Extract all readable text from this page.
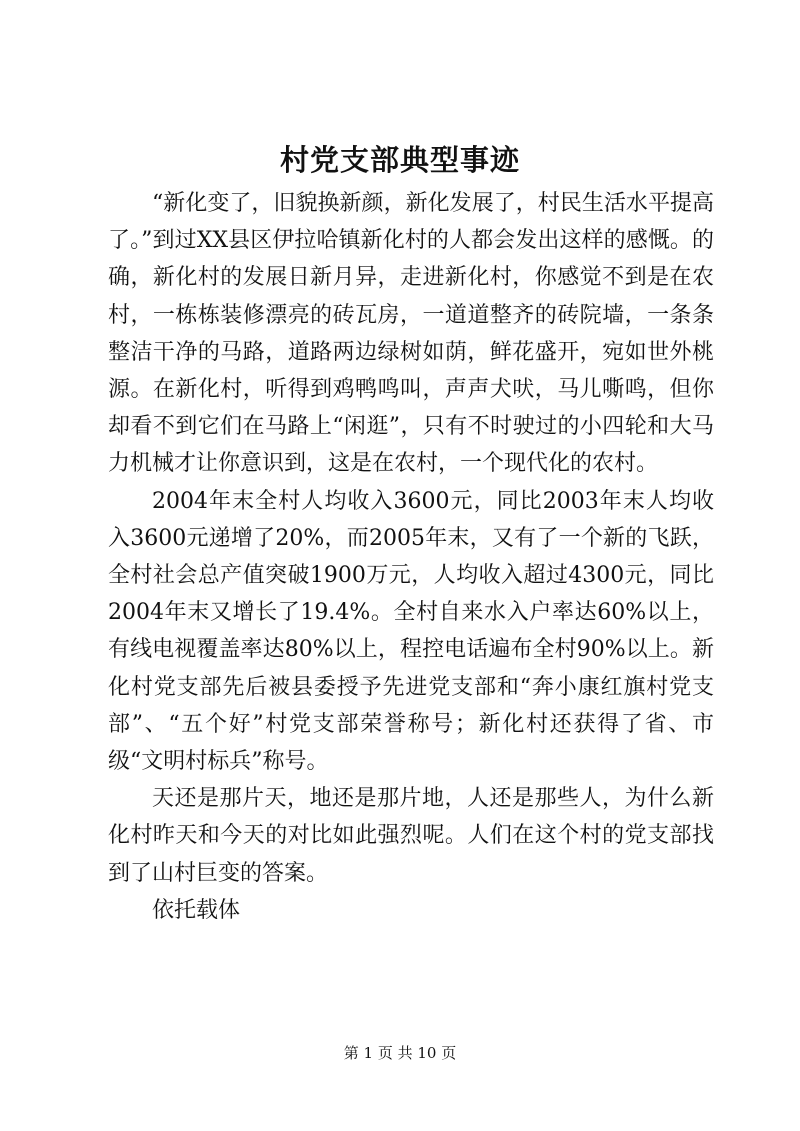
村党支部典型事迹

“新化变了，旧貌换新颜，新化发展了，村民生活水平提高了。”到过XX县区伊拉哈镇新化村的人都会发出这样的感慨。的确，新化村的发展日新月异，走进新化村，你感觉不到是在农村，一栋栋装修漂亮的砖瓦房，一道道整齐的砖院墙，一条条整洁干净的马路，道路两边绿树如荫，鲜花盛开，宛如世外桃源。在新化村，听得到鸡鸭鸣叫，声声犬吠，马儿嘶鸣，但你却看不到它们在马路上“闲逛”，只有不时驶过的小四轮和大马力机械才让你意识到，这是在农村，一个现代化的农村。

2004年末全村人均收入3600元，同比2003年末人均收入3600元递增了20%，而2005年末，又有了一个新的飞跃，全村社会总产值突破1900万元，人均收入超过4300元，同比2004年末又增长了19.4%。全村自来水入户率达60%以上，有线电视覆盖率达80%以上，程控电话遍布全村90%以上。新化村党支部先后被县委授予先进党支部和“奔小康红旗村党支部”、“五个好”村党支部荣誉称号；新化村还获得了省、市级“文明村标兵”称号。

天还是那片天，地还是那片地，人还是那些人，为什么新化村昨天和今天的对比如此强烈呢。人们在这个村的党支部找到了山村巨变的答案。

依托载体

第 1 页 共 10 页
